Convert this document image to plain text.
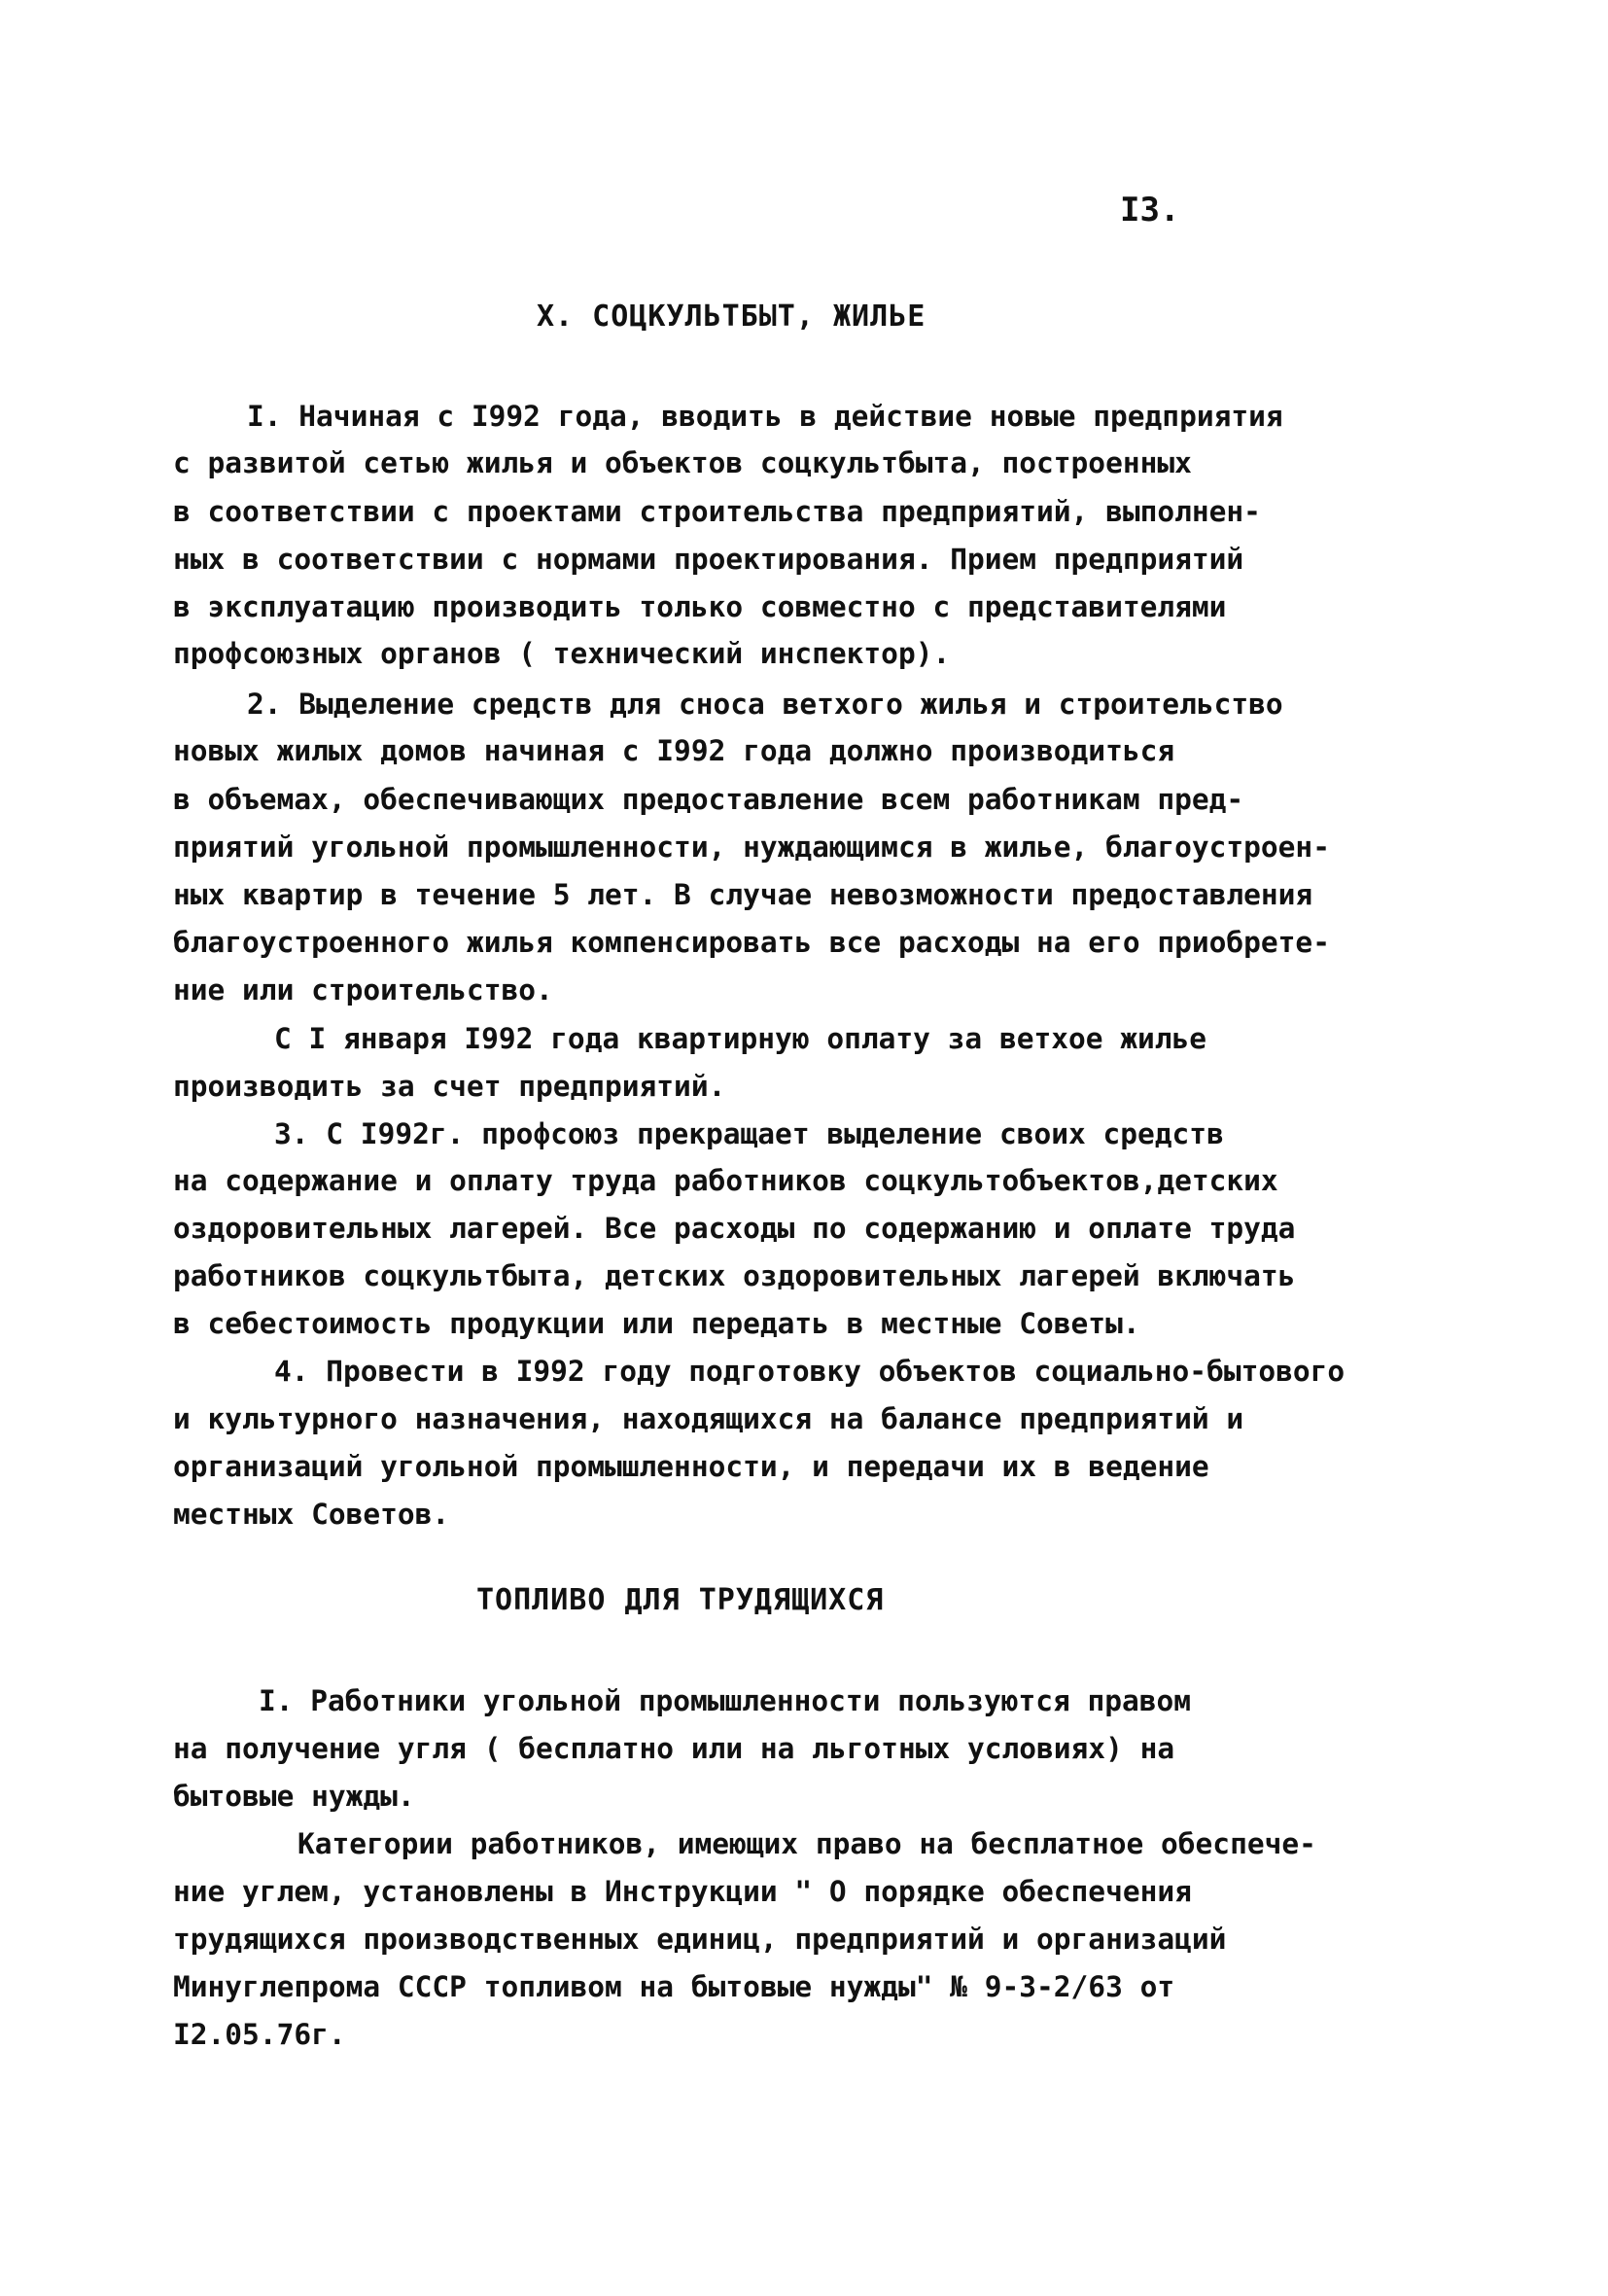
I3.
X. СОЦКУЛЬТБЫТ, ЖИЛЬЕ
I. Начиная с I992 года, вводить в действие новые предприятия
с развитой сетью жилья и объектов соцкультбыта, построенных
в соответствии с проектами строительства предприятий, выполнен-
ных в соответствии с нормами проектирования. Прием предприятий
в эксплуатацию производить только совместно с представителями
профсоюзных органов ( технический инспектор).
2. Выделение средств для сноса ветхого жилья и строительство
новых жилых домов начиная с I992 года должно производиться
в объемах, обеспечивающих предоставление всем работникам пред-
приятий угольной промышленности, нуждающимся в жилье, благоустроен-
ных квартир в течение 5 лет. В случае невозможности предоставления
благоустроенного жилья компенсировать все расходы на его приобрете-
ние или строительство.
С I января I992 года квартирную оплату за ветхое жилье
производить за счет предприятий.
3. С I992г. профсоюз прекращает выделение своих средств
на содержание и оплату труда работников соцкультобъектов,детских
оздоровительных лагерей. Все расходы по содержанию и оплате труда
работников соцкультбыта, детских оздоровительных лагерей включать
в себестоимость продукции или передать в местные Советы.
4. Провести в I992 году подготовку объектов социально-бытового
и культурного назначения, находящихся на балансе предприятий и
организаций угольной промышленности, и передачи их в ведение
местных Советов.
ТОПЛИВО ДЛЯ ТРУДЯЩИХСЯ
I. Работники угольной промышленности пользуются правом
на получение угля ( бесплатно или на льготных условиях) на
бытовые нужды.
Категории работников, имеющих право на бесплатное обеспече-
ние углем, установлены в Инструкции " О порядке обеспечения
трудящихся производственных единиц, предприятий и организаций
Минуглепрома СССР топливом на бытовые нужды" № 9-3-2/63 от
I2.05.76г.
